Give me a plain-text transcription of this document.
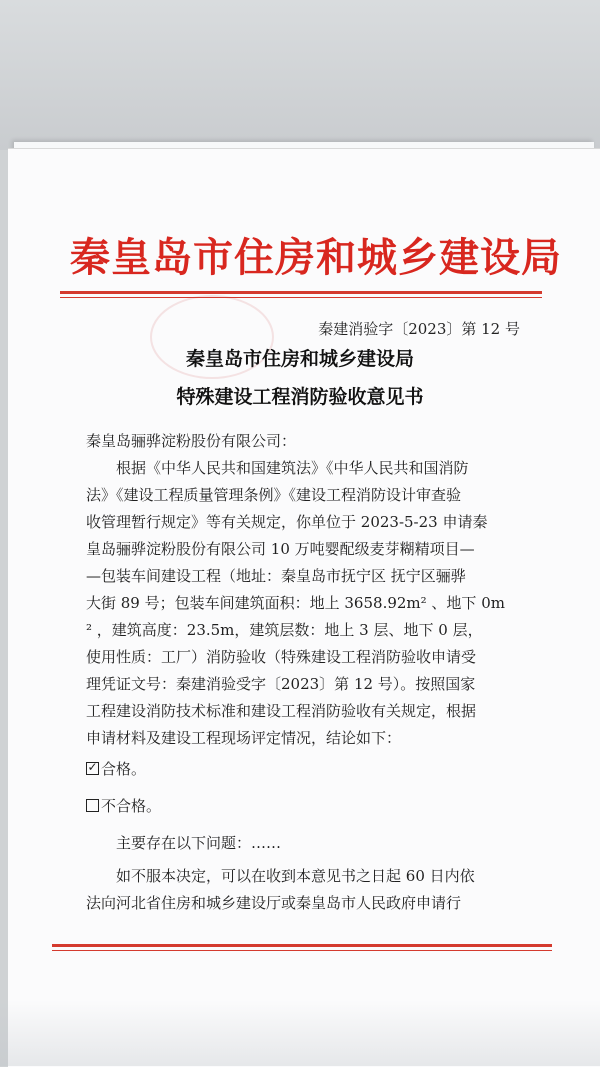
秦皇岛市住房和城乡建设局
秦建消验字〔2023〕第 12 号
秦皇岛市住房和城乡建设局
特殊建设工程消防验收意见书
秦皇岛骊骅淀粉股份有限公司：
根据《中华人民共和国建筑法》《中华人民共和国消防
法》《建设工程质量管理条例》《建设工程消防设计审查验
收管理暂行规定》等有关规定，你单位于 2023-5-23 申请秦
皇岛骊骅淀粉股份有限公司 10 万吨婴配级麦芽糊精项目—
—包装车间建设工程（地址：秦皇岛市抚宁区 抚宁区骊骅
大街 89 号；包装车间建筑面积：地上 3658.92m² 、地下 0m
² ，建筑高度：23.5m，建筑层数：地上 3 层、地下 0 层，
使用性质：工厂）消防验收（特殊建设工程消防验收申请受
理凭证文号：秦建消验受字〔2023〕第 12 号）。按照国家
工程建设消防技术标准和建设工程消防验收有关规定，根据
申请材料及建设工程现场评定情况，结论如下：
✓ 合格。
不合格。
主要存在以下问题：……
如不服本决定，可以在收到本意见书之日起 60 日内依
法向河北省住房和城乡建设厅或秦皇岛市人民政府申请行
